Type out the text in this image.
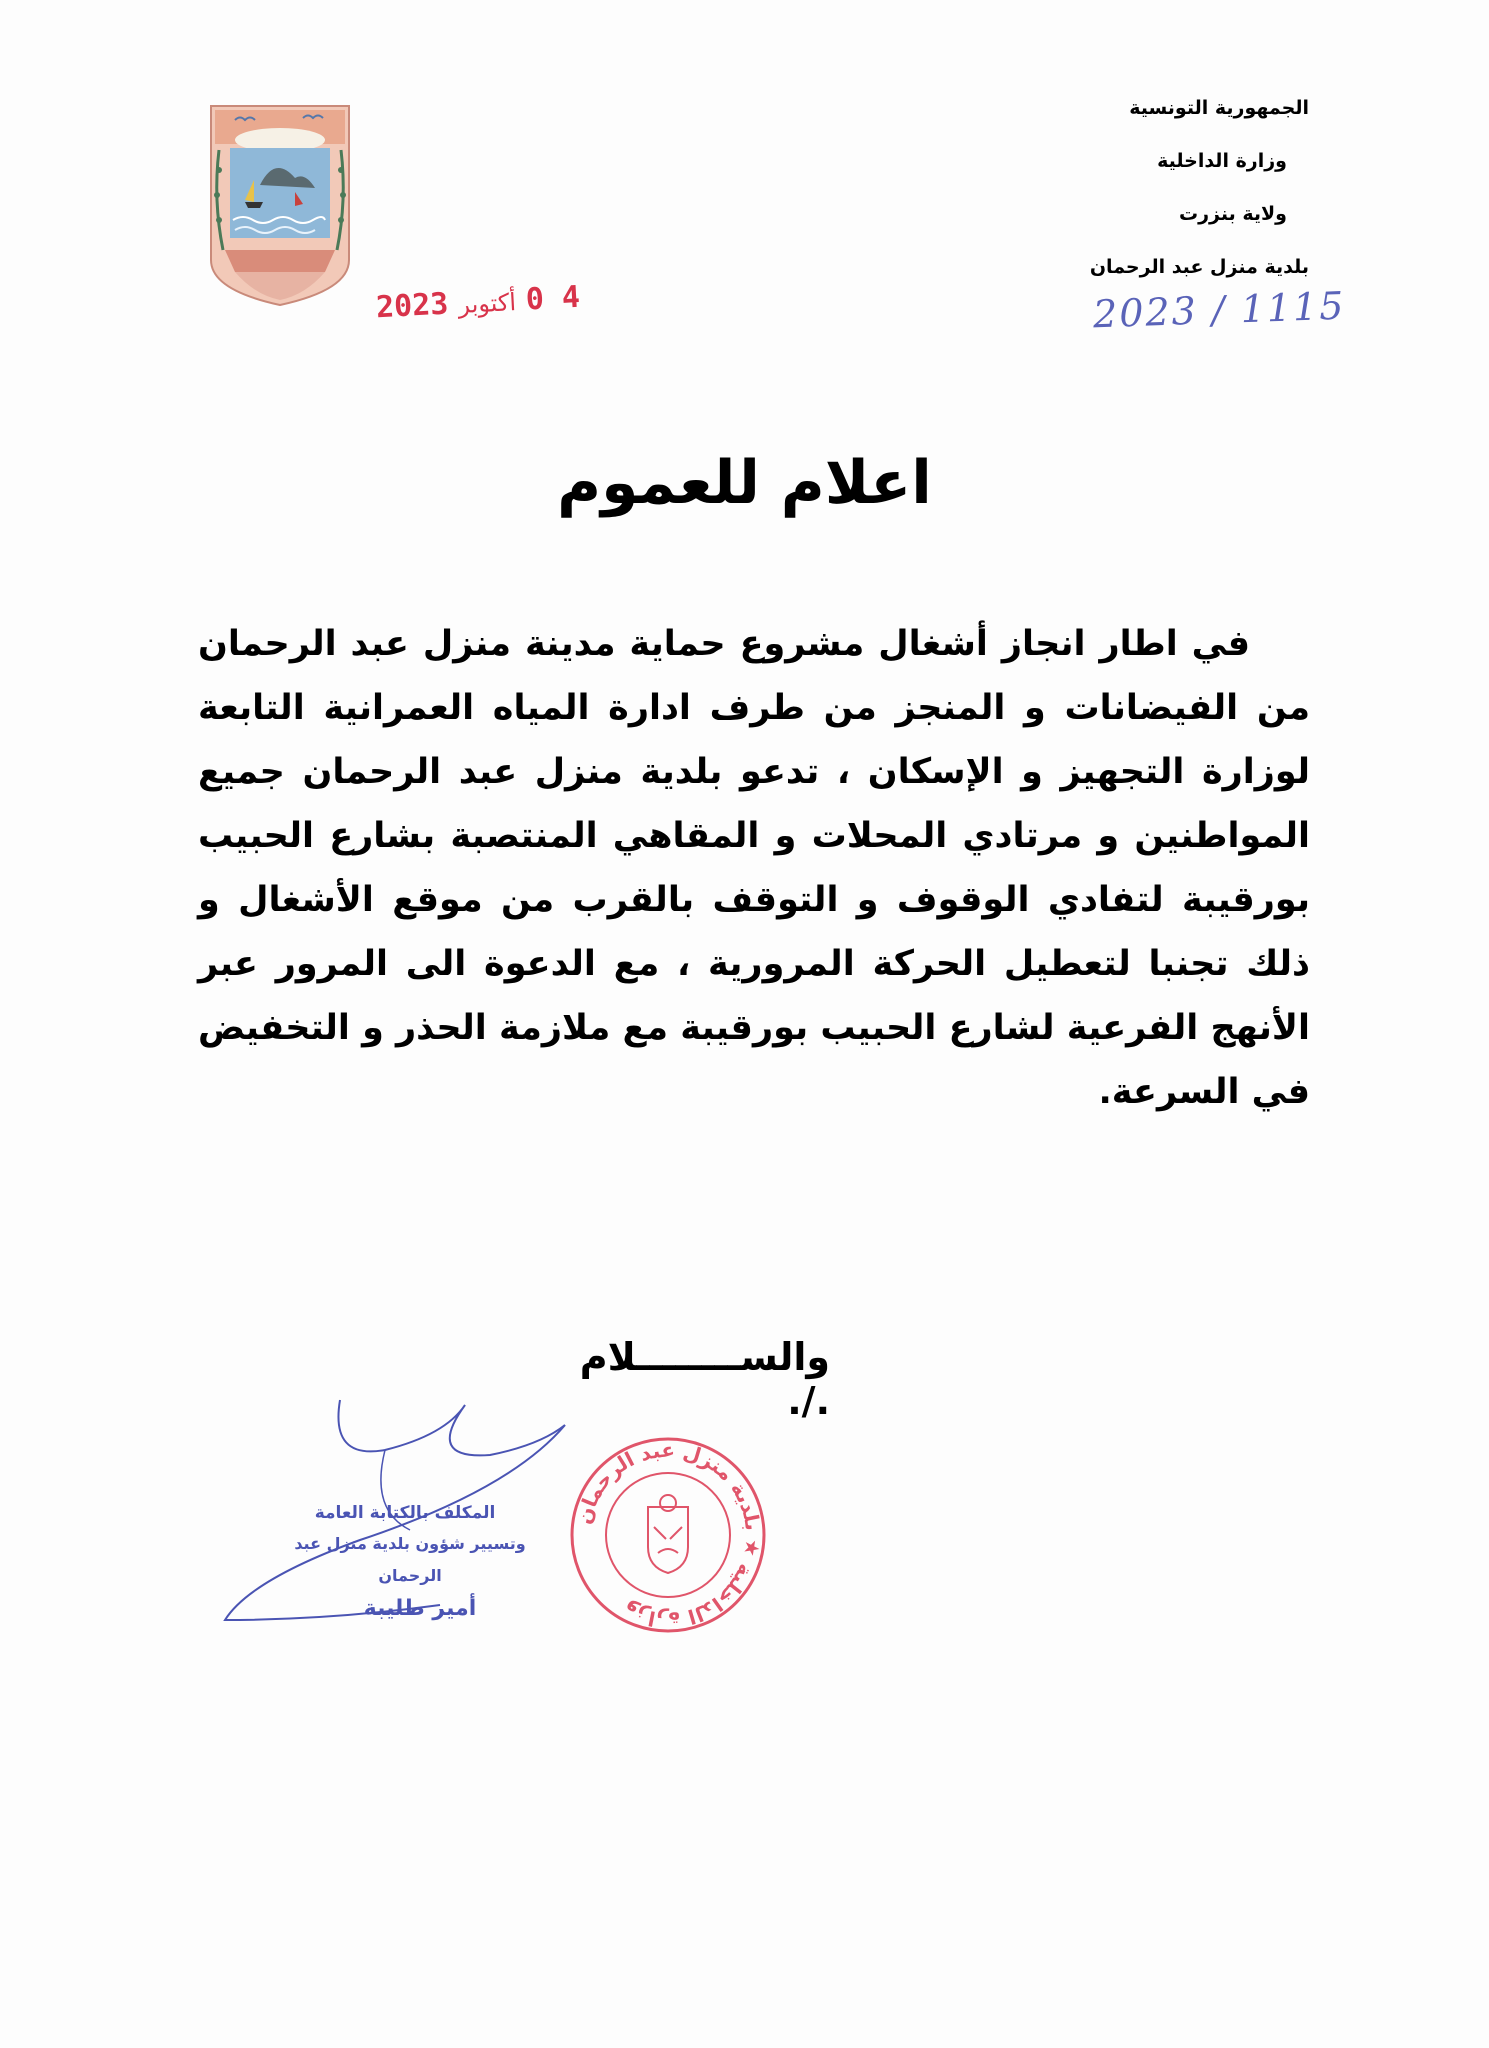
الجمهورية التونسية
وزارة الداخلية
ولاية بنزرت
بلدية منزل عبد الرحمان
2023 / 1115
2023 أكتوبر 0 4
اعلام للعموم
في اطار انجاز أشغال مشروع حماية مدينة منزل عبد الرحمان من الفيضانات و المنجز من طرف ادارة المياه العمرانية التابعة لوزارة التجهيز و الإسكان ، تدعو بلدية منزل عبد الرحمان جميع المواطنين و مرتادي المحلات و المقاهي المنتصبة بشارع الحبيب بورقيبة لتفادي الوقوف و التوقف بالقرب من موقع الأشغال و ذلك تجنبا لتعطيل الحركة المرورية ، مع الدعوة الى المرور عبر الأنهج الفرعية لشارع الحبيب بورقيبة مع ملازمة الحذر و التخفيض في السرعة.
والســــــــلام ./.
المكلف بالكتابة العامة
وتسيير شؤون بلدية منزل عبد الرحمان
أمير طليبة
وزارة الداخلية ★ بلدية منزل عبد الرحمان
